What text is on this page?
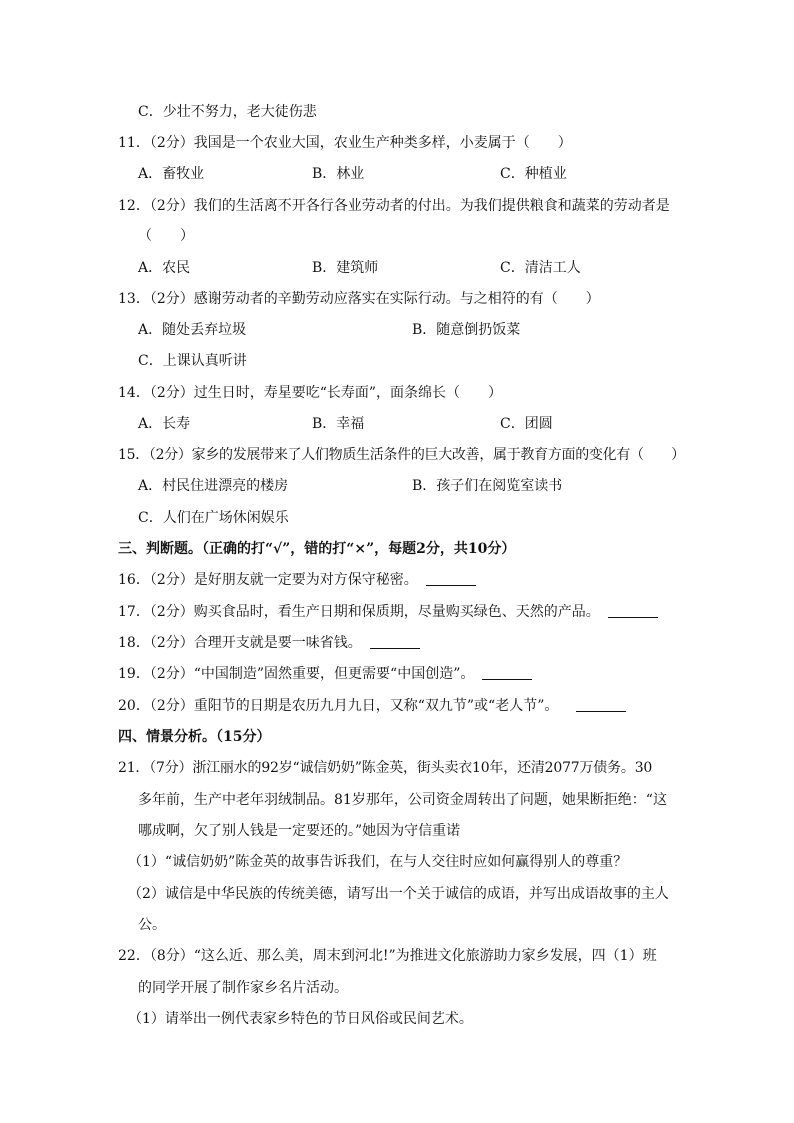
C．少壮不努力，老大徒伤悲
11．（2分）我国是一个农业大国，农业生产种类多样，小麦属于（　　）
A．畜牧业	B．林业	C．种植业
12．（2分）我们的生活离不开各行各业劳动者的付出。为我们提供粮食和蔬菜的劳动者是
（　　）
A．农民	B．建筑师	C．清洁工人
13．（2分）感谢劳动者的辛勤劳动应落实在实际行动。与之相符的有（　　）
A．随处丢弃垃圾	B．随意倒扔饭菜
C．上课认真听讲
14．（2分）过生日时，寿星要吃“长寿面”，面条绵长（　　）
A．长寿	B．幸福	C．团圆
15．（2分）家乡的发展带来了人们物质生活条件的巨大改善，属于教育方面的变化有（　　）
A．村民住进漂亮的楼房	B．孩子们在阅览室读书
C．人们在广场休闲娱乐
三、判断题。（正确的打“√”，错的打“×”，每题2分，共10分）
16．（2分）是好朋友就一定要为对方保守秘密。
17．（2分）购买食品时，看生产日期和保质期，尽量购买绿色、天然的产品。
18．（2分）合理开支就是要一味省钱。
19．（2分）“中国制造”固然重要，但更需要“中国创造”。
20．（2分）重阳节的日期是农历九月九日，又称“双九节”或“老人节”。
四、情景分析。（15分）
21．（7分）浙江丽水的92岁“诚信奶奶”陈金英，街头卖衣10年，还清2077万债务。30
多年前，生产中老年羽绒制品。81岁那年，公司资金周转出了问题，她果断拒绝：“这
哪成啊，欠了别人钱是一定要还的。”她因为守信重诺
（1）“诚信奶奶”陈金英的故事告诉我们，在与人交往时应如何赢得别人的尊重？
（2）诚信是中华民族的传统美德，请写出一个关于诚信的成语，并写出成语故事的主人
公。
22．（8分）“这么近、那么美，周末到河北!”为推进文化旅游助力家乡发展，四（1）班
的同学开展了制作家乡名片活动。
（1）请举出一例代表家乡特色的节日风俗或民间艺术。
